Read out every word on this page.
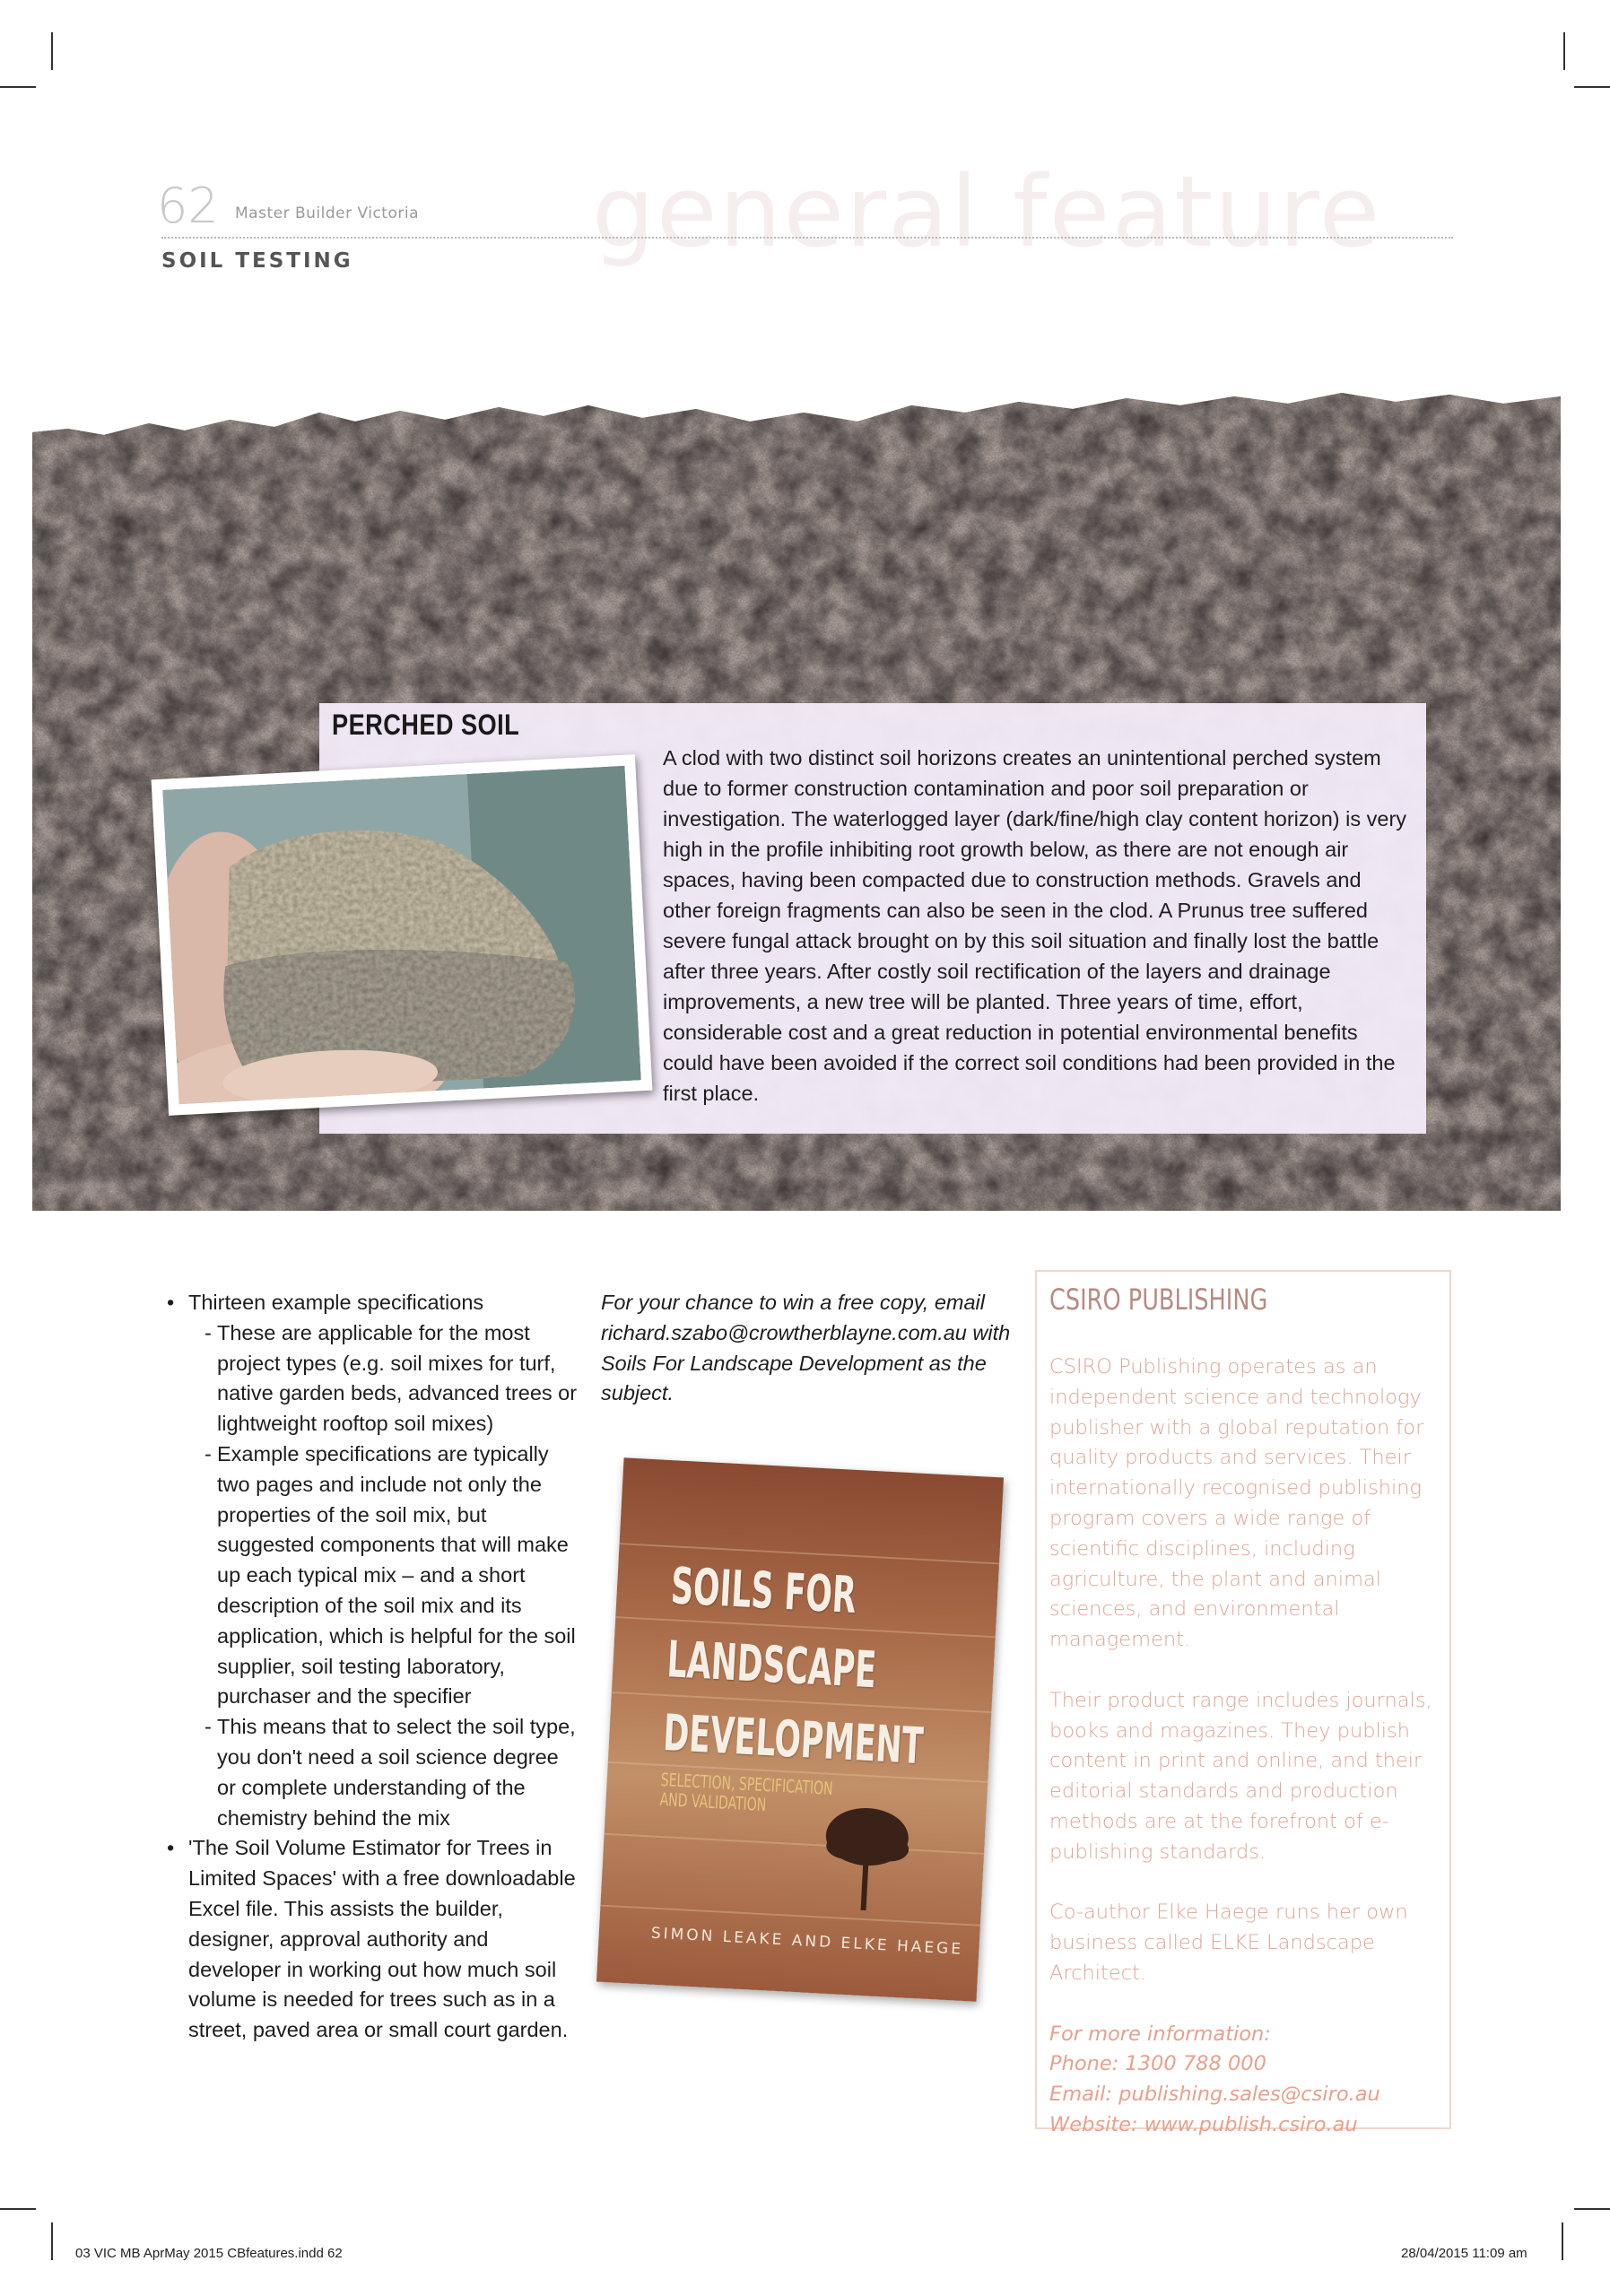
general feature
62 Master Builder Victoria
SOIL TESTING
PERCHED SOIL
A clod with two distinct soil horizons creates an unintentional perched system due to former construction contamination and poor soil preparation or investigation. The waterlogged layer (dark/fine/high clay content horizon) is very high in the profile inhibiting root growth below, as there are not enough air spaces, having been compacted due to construction methods. Gravels and other foreign fragments can also be seen in the clod. A Prunus tree suffered severe fungal attack brought on by this soil situation and finally lost the battle after three years. After costly soil rectification of the layers and drainage improvements, a new tree will be planted. Three years of time, effort, considerable cost and a great reduction in potential environmental benefits could have been avoided if the correct soil conditions had been provided in the first place.
• Thirteen example specifications
- These are applicable for the most project types (e.g. soil mixes for turf, native garden beds, advanced trees or lightweight rooftop soil mixes)
- Example specifications are typically two pages and include not only the properties of the soil mix, but suggested components that will make up each typical mix – and a short description of the soil mix and its application, which is helpful for the soil supplier, soil testing laboratory, purchaser and the specifier
- This means that to select the soil type, you don't need a soil science degree or complete understanding of the chemistry behind the mix
• 'The Soil Volume Estimator for Trees in Limited Spaces' with a free downloadable Excel file. This assists the builder, designer, approval authority and developer in working out how much soil volume is needed for trees such as in a street, paved area or small court garden.
For your chance to win a free copy, email richard.szabo@crowtherblayne.com.au with Soils For Landscape Development as the subject.
SOILS FOR
LANDSCAPE
DEVELOPMENT
SELECTION, SPECIFICATION AND VALIDATION
SIMON LEAKE AND ELKE HAEGE
CSIRO PUBLISHING

CSIRO Publishing operates as an independent science and technology publisher with a global reputation for quality products and services. Their internationally recognised publishing program covers a wide range of scientific disciplines, including agriculture, the plant and animal sciences, and environmental management.

Their product range includes journals, books and magazines. They publish content in print and online, and their editorial standards and production methods are at the forefront of e-publishing standards.

Co-author Elke Haege runs her own business called ELKE Landscape Architect.

For more information:
Phone: 1300 788 000
Email: publishing.sales@csiro.au
Website: www.publish.csiro.au
03 VIC MB AprMay 2015 CBfeatures.indd 62	28/04/2015 11:09 am
